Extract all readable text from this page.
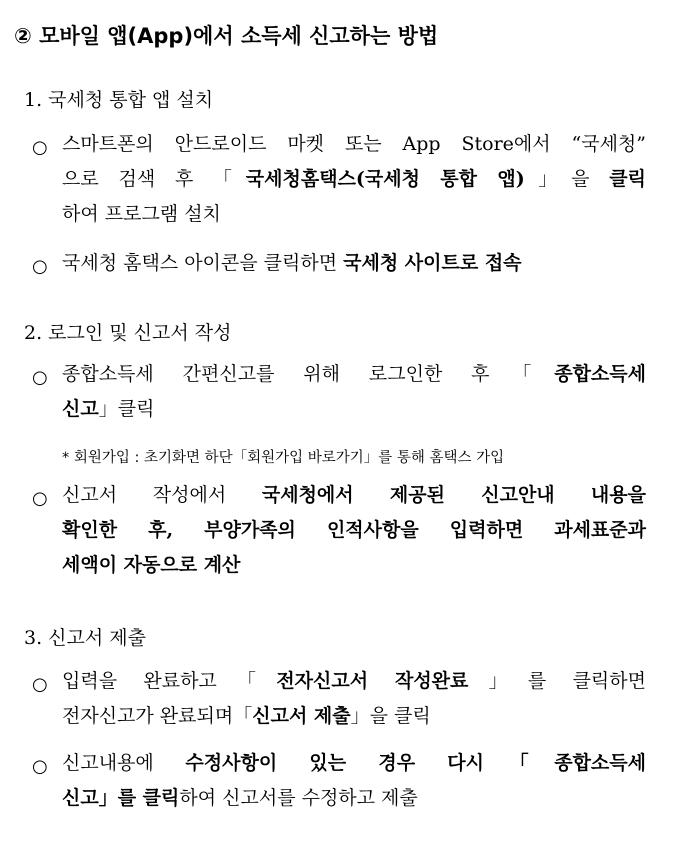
② 모바일 앱(App)에서 소득세 신고하는 방법
1. 국세청 통합 앱 설치
○ 스마트폰의 안드로이드 마켓 또는 App Store에서 “국세청”
으로 검색 후 「국세청홈택스(국세청 통합 앱)」을 클릭
하여 프로그램 설치
○ 국세청 홈택스 아이콘을 클릭하면 국세청 사이트로 접속
2. 로그인 및 신고서 작성
○ 종합소득세 간편신고를 위해 로그인한 후「종합소득세
신고」클릭
* 회원가입 : 초기화면 하단「회원가입 바로가기」를 통해 홈택스 가입
○ 신고서 작성에서 국세청에서 제공된 신고안내 내용을
확인한 후, 부양가족의 인적사항을 입력하면 과세표준과
세액이 자동으로 계산
3. 신고서 제출
○ 입력을 완료하고「전자신고서 작성완료」를 클릭하면
전자신고가 완료되며「신고서 제출」을 클릭
○ 신고내용에 수정사항이 있는 경우 다시「종합소득세
신고」를 클릭하여 신고서를 수정하고 제출
